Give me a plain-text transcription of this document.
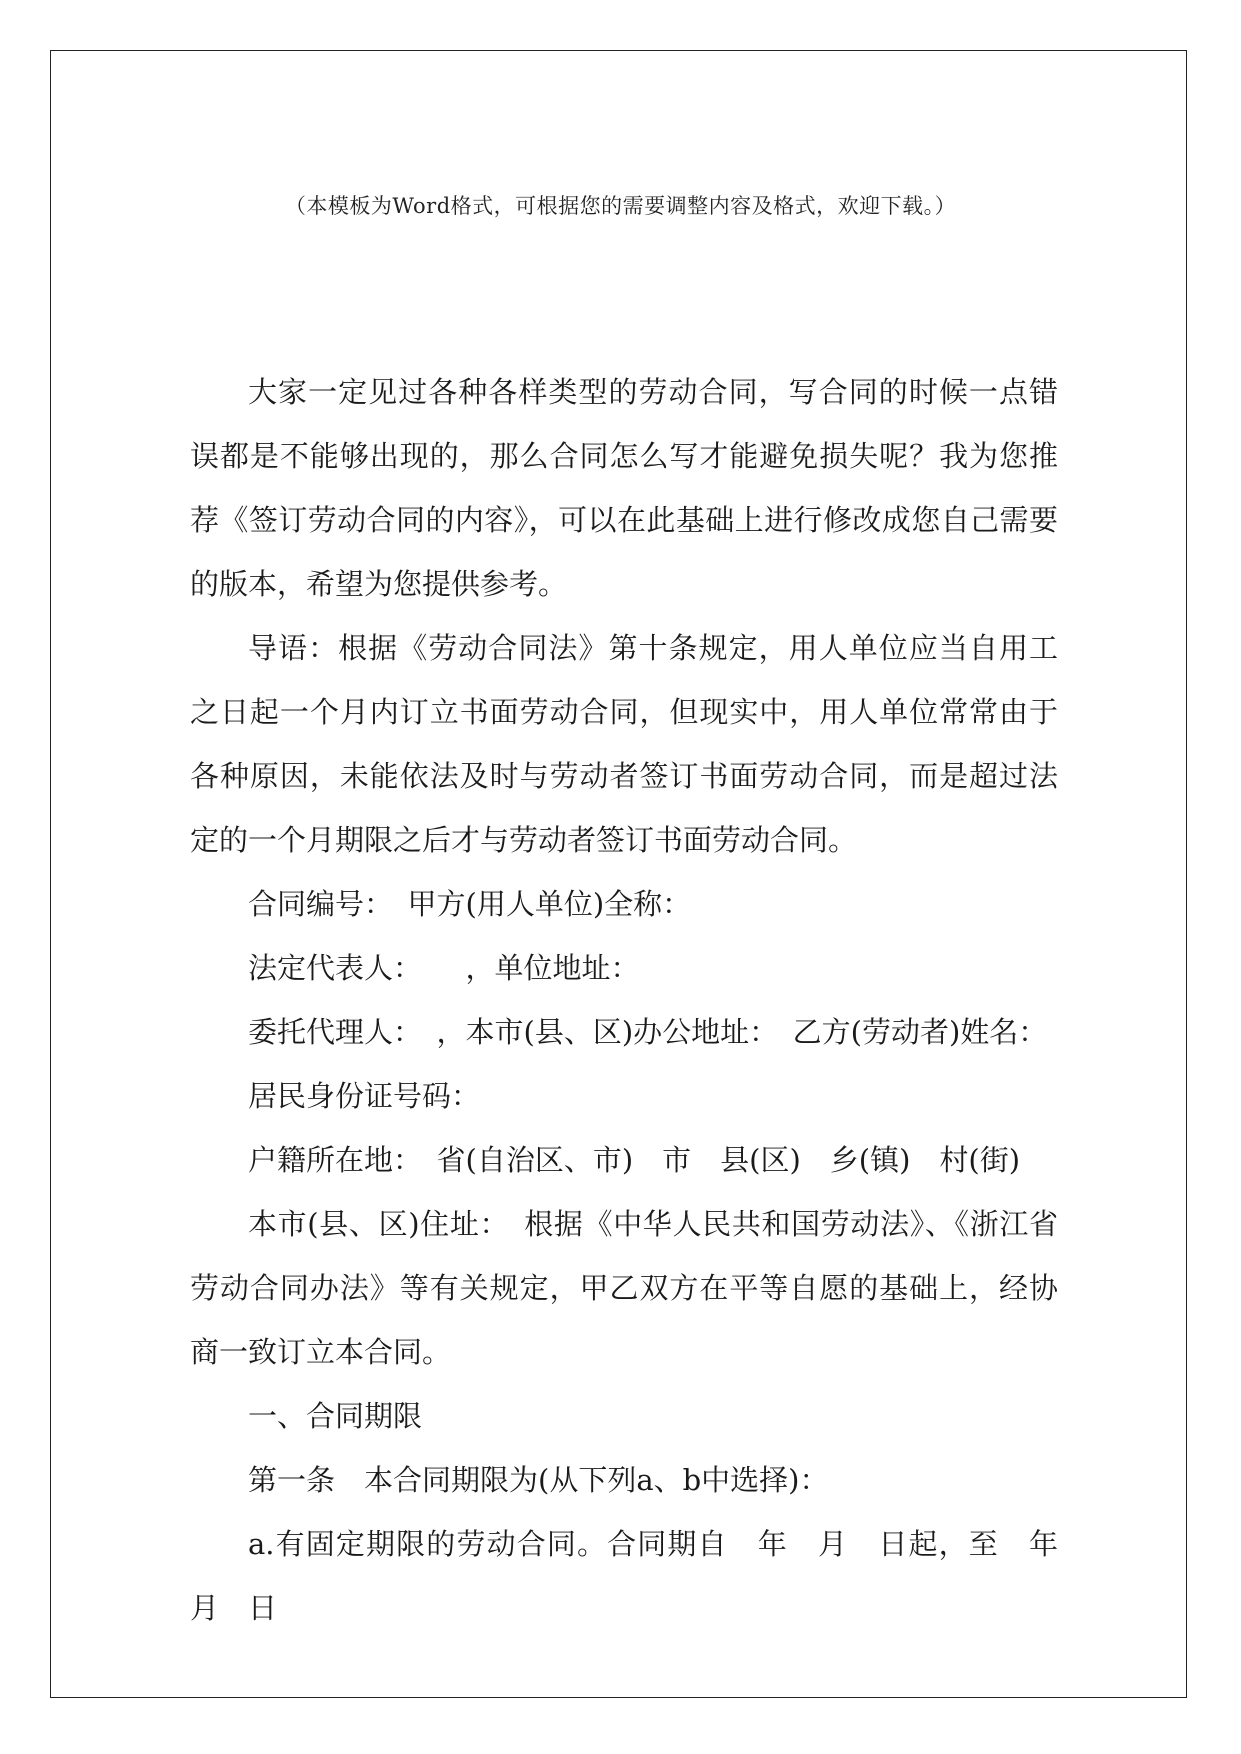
（本模板为Word格式，可根据您的需要调整内容及格式，欢迎下载。）

大家一定见过各种各样类型的劳动合同，写合同的时候一点错误都是不能够出现的，那么合同怎么写才能避免损失呢？我为您推荐《签订劳动合同的内容》，可以在此基础上进行修改成您自己需要的版本，希望为您提供参考。

导语：根据《劳动合同法》第十条规定，用人单位应当自用工之日起一个月内订立书面劳动合同，但现实中，用人单位常常由于各种原因，未能依法及时与劳动者签订书面劳动合同，而是超过法定的一个月期限之后才与劳动者签订书面劳动合同。

合同编号：　甲方(用人单位)全称：

法定代表人：　　，单位地址：

委托代理人：　，本市(县、区)办公地址：　乙方(劳动者)姓名：

居民身份证号码：

户籍所在地：　省(自治区、市)　市　县(区)　乡(镇)　村(街)

本市(县、区)住址：　根据《中华人民共和国劳动法》、《浙江省劳动合同办法》等有关规定，甲乙双方在平等自愿的基础上，经协商一致订立本合同。

一、合同期限

第一条　本合同期限为(从下列a、b中选择)：

a.有固定期限的劳动合同。合同期自　年　月　日起，至　年　月　日
